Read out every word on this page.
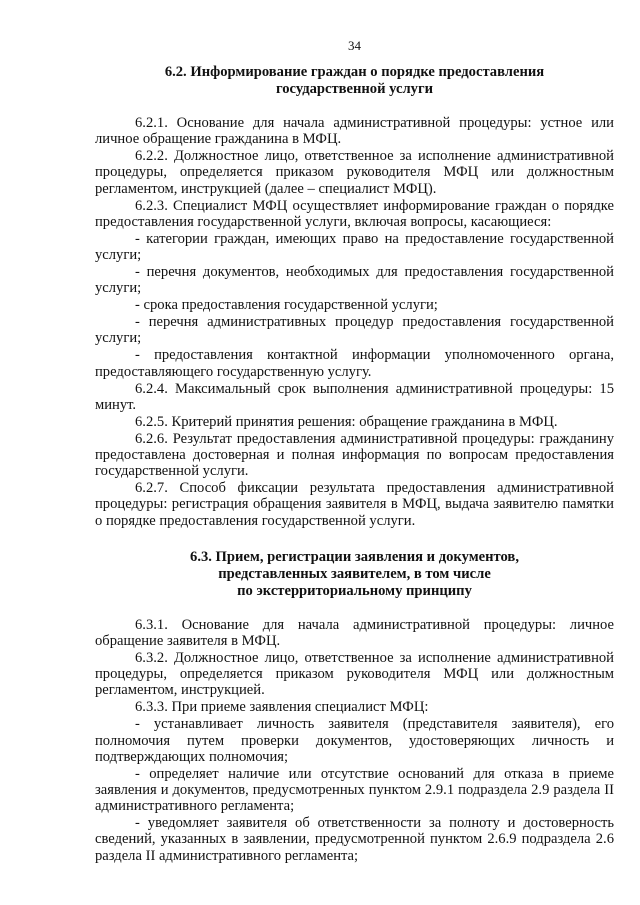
34
6.2. Информирование граждан о порядке предоставления
государственной услуги

6.2.1. Основание для начала административной процедуры: устное или личное обращение гражданина в МФЦ.

6.2.2. Должностное лицо, ответственное за исполнение административной процедуры, определяется приказом руководителя МФЦ или должностным регламентом, инструкцией (далее – специалист МФЦ).

6.2.3. Специалист МФЦ осуществляет информирование граждан о порядке предоставления государственной услуги, включая вопросы, касающиеся:

- категории граждан, имеющих право на предоставление государственной услуги;

- перечня документов, необходимых для предоставления государственной услуги;

- срока предоставления государственной услуги;

- перечня административных процедур предоставления государственной услуги;

- предоставления контактной информации уполномоченного органа, предоставляющего государственную услугу.

6.2.4. Максимальный срок выполнения административной процедуры: 15 минут.

6.2.5. Критерий принятия решения: обращение гражданина в МФЦ.

6.2.6. Результат предоставления административной процедуры: гражданину предоставлена достоверная и полная информация по вопросам предоставления государственной услуги.

6.2.7. Способ фиксации результата предоставления административной процедуры: регистрация обращения заявителя в МФЦ, выдача заявителю памятки о порядке предоставления государственной услуги.

6.3. Прием, регистрации заявления и документов,
представленных заявителем, в том числе
по экстерриториальному принципу

6.3.1. Основание для начала административной процедуры: личное обращение заявителя в МФЦ.

6.3.2. Должностное лицо, ответственное за исполнение административной процедуры, определяется приказом руководителя МФЦ или должностным регламентом, инструкцией.

6.3.3. При приеме заявления специалист МФЦ:

- устанавливает личность заявителя (представителя заявителя), его полномочия путем проверки документов, удостоверяющих личность и подтверждающих полномочия;

- определяет наличие или отсутствие оснований для отказа в приеме заявления и документов, предусмотренных пунктом 2.9.1 подраздела 2.9 раздела II административного регламента;

- уведомляет заявителя об ответственности за полноту и достоверность сведений, указанных в заявлении, предусмотренной пунктом 2.6.9 подраздела 2.6 раздела II административного регламента;
